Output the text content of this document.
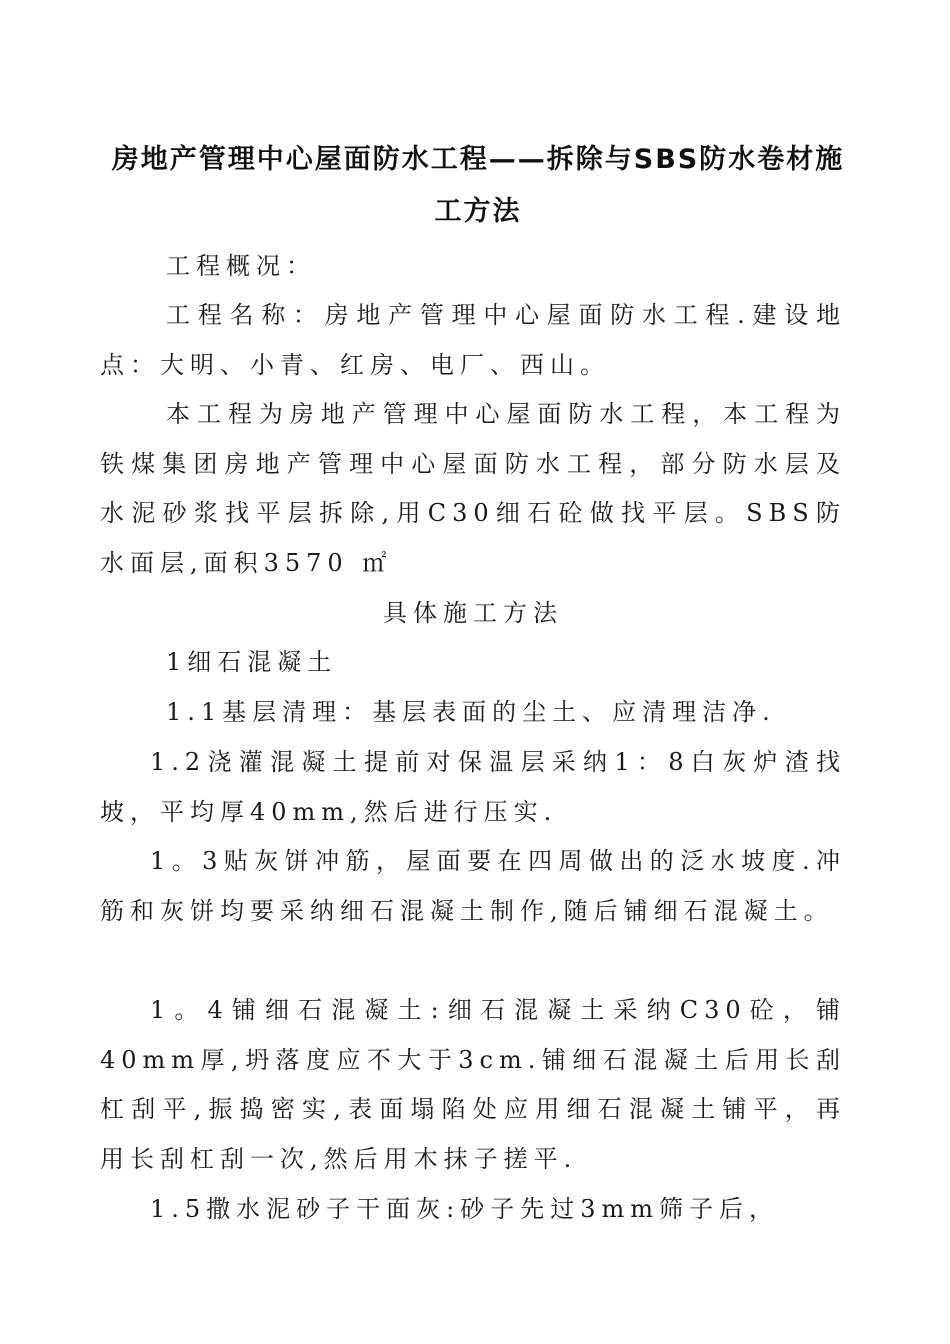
房地产管理中心屋面防水工程——拆除与SBS防水卷材施工方法
工程概况：
工程名称：房地产管理中心屋面防水工程.建设地点：大明、小青、红房、电厂、西山。
本工程为房地产管理中心屋面防水工程，本工程为铁煤集团房地产管理中心屋面防水工程，部分防水层及水泥砂浆找平层拆除,用C30细石砼做找平层。SBS防水面层,面积3570 ㎡
具体施工方法
1细石混凝土
1.1基层清理：基层表面的尘土、应清理洁净.
1.2浇灌混凝土提前对保温层采纳1：8白灰炉渣找坡，平均厚40mm,然后进行压实.
1。3贴灰饼冲筋，屋面要在四周做出的泛水坡度.冲筋和灰饼均要采纳细石混凝土制作,随后铺细石混凝土。
1。4铺细石混凝土:细石混凝土采纳C30砼，铺40mm厚,坍落度应不大于3cm.铺细石混凝土后用长刮杠刮平,振捣密实,表面塌陷处应用细石混凝土铺平，再用长刮杠刮一次,然后用木抹子搓平.
1.5撒水泥砂子干面灰:砂子先过3mm筛子后，
